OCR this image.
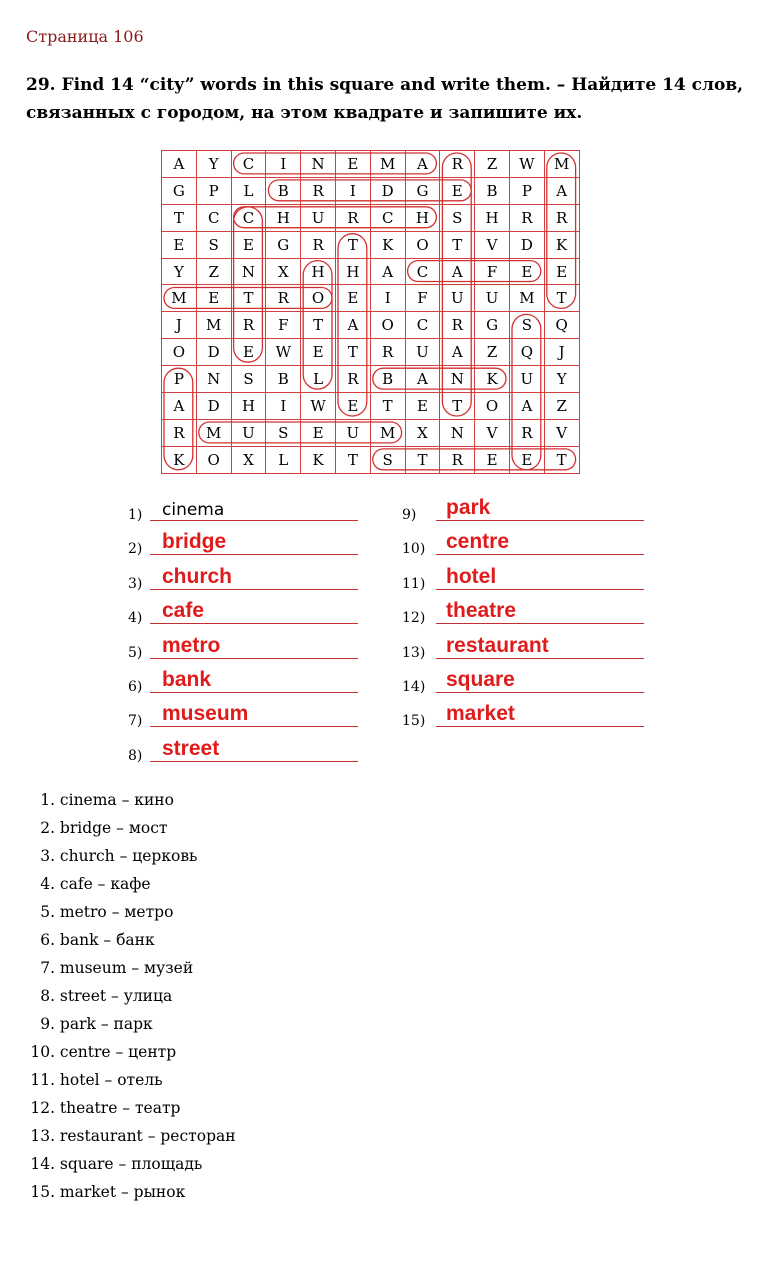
Страница 106
29. Find 14 “city” words in this square and write them. – Найдите 14 слов, связанных с городом, на этом квадрате и запишите их.
A	Y	C	I	N	E	M	A	R	Z	W	M
G	P	L	B	R	I	D	G	E	B	P	A
T	C	C	H	U	R	C	H	S	H	R	R
E	S	E	G	R	T	K	O	T	V	D	K
Y	Z	N	X	H	H	A	C	A	F	E	E
M	E	T	R	O	E	I	F	U	U	M	T
J	M	R	F	T	A	O	C	R	G	S	Q
O	D	E	W	E	T	R	U	A	Z	Q	J
P	N	S	B	L	R	B	A	N	K	U	Y
A	D	H	I	W	E	T	E	T	O	A	Z
R	M	U	S	E	U	M	X	N	V	R	V
K	O	X	L	K	T	S	T	R	E	E	T
1) cinema
2) bridge
3) church
4) cafe
5) metro
6) bank
7) museum
8) street
9) park
10) centre
11) hotel
12) theatre
13) restaurant
14) square
15) market
1. cinema – кино
2. bridge – мост
3. church – церковь
4. cafe – кафе
5. metro – метро
6. bank – банк
7. museum – музей
8. street – улица
9. park – парк
10. centre – центр
11. hotel – отель
12. theatre – театр
13. restaurant – ресторан
14. square – площадь
15. market – рынок
